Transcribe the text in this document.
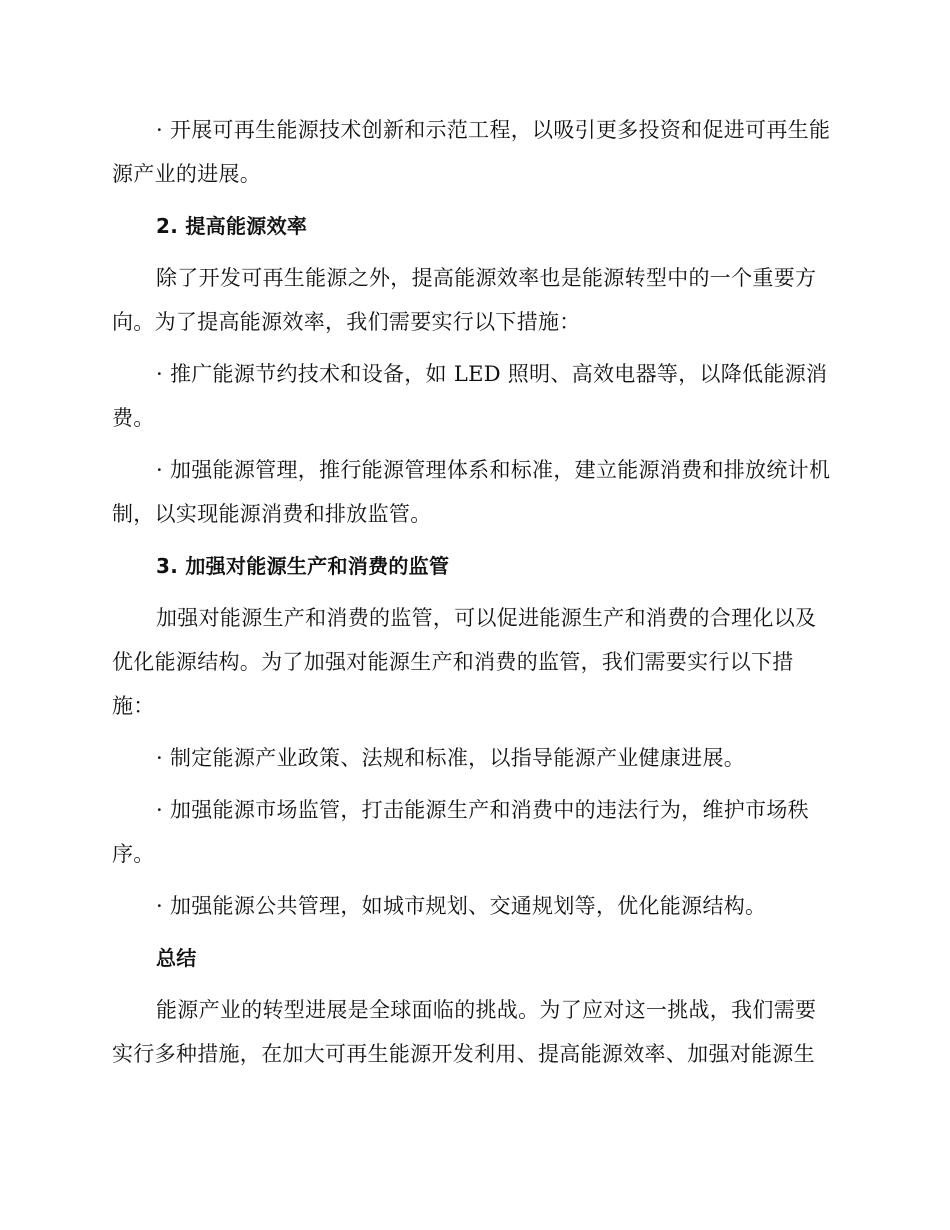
· 开展可再生能源技术创新和示范工程，以吸引更多投资和促进可再生能源产业的进展。

2. 提高能源效率

除了开发可再生能源之外，提高能源效率也是能源转型中的一个重要方向。为了提高能源效率，我们需要实行以下措施：

· 推广能源节约技术和设备，如 LED 照明、高效电器等，以降低能源消费。

· 加强能源管理，推行能源管理体系和标准，建立能源消费和排放统计机制，以实现能源消费和排放监管。

3. 加强对能源生产和消费的监管

加强对能源生产和消费的监管，可以促进能源生产和消费的合理化以及优化能源结构。为了加强对能源生产和消费的监管，我们需要实行以下措施：

· 制定能源产业政策、法规和标准，以指导能源产业健康进展。

· 加强能源市场监管，打击能源生产和消费中的违法行为，维护市场秩序。

· 加强能源公共管理，如城市规划、交通规划等，优化能源结构。

总结

能源产业的转型进展是全球面临的挑战。为了应对这一挑战，我们需要实行多种措施，在加大可再生能源开发利用、提高能源效率、加强对能源生
